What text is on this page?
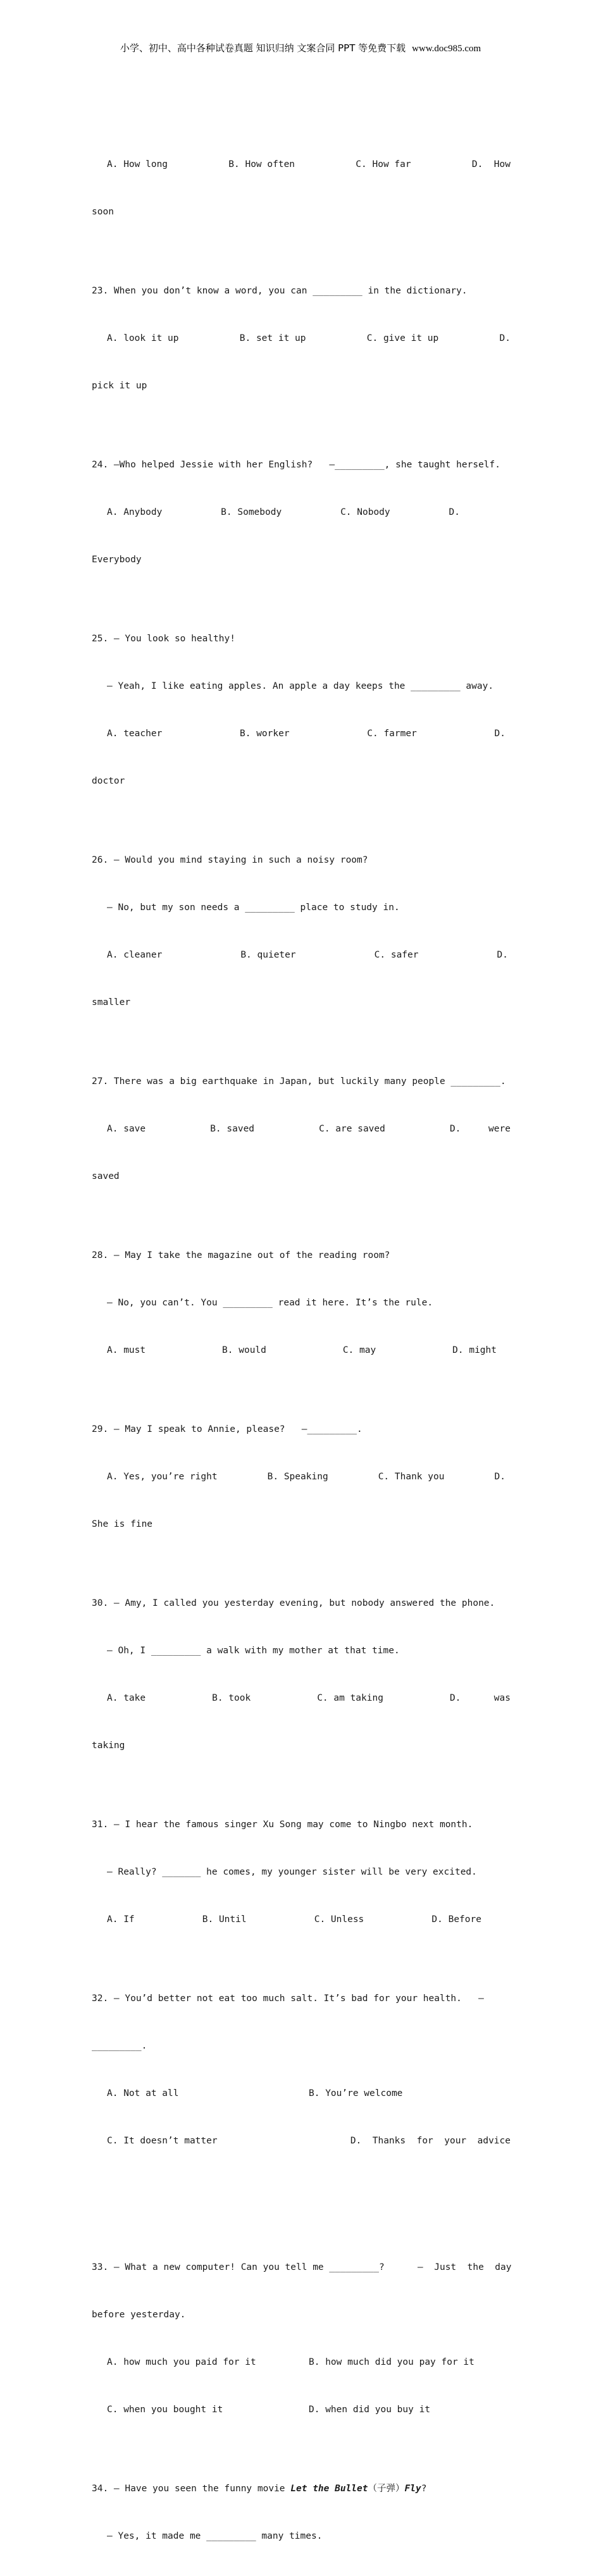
小学、初中、高中各种试卷真题 知识归纳 文案合同 PPT 等免费下载 www.doc985.com

A. How long	B. How often	C. How far	D.  How

soon

23. When you don’t know a word, you can _________ in the dictionary.

A. look it up	B. set it up	C. give it up	D.

pick it up

24. —Who helped Jessie with her English?   —_________, she taught herself.

A. Anybody	B. Somebody	C. Nobody	D.

Everybody

25. — You look so healthy!

— Yeah, I like eating apples. An apple a day keeps the _________ away.

A. teacher	B. worker	C. farmer	D.

doctor

26. — Would you mind staying in such a noisy room?

— No, but my son needs a _________ place to study in.

A. cleaner	B. quieter	C. safer	D.

smaller

27. There was a big earthquake in Japan, but luckily many people _________.

A. save	B. saved	C. are saved	D.     were

saved

28. — May I take the magazine out of the reading room?

— No, you can’t. You _________ read it here. It’s the rule.

A. must	B. would	C. may	D. might

29. — May I speak to Annie, please?   —_________.

A. Yes, you’re right	B. Speaking	C. Thank you	D.

She is fine

30. — Amy, I called you yesterday evening, but nobody answered the phone.

— Oh, I _________ a walk with my mother at that time.

A. take	B. took	C. am taking	D.      was

taking

31. — I hear the famous singer Xu Song may come to Ningbo next month.

— Really? _______ he comes, my younger sister will be very excited.

A. If	B. Until	C. Unless	D. Before

32. — You’d better not eat too much salt. It’s bad for your health.   —

_________.

A. Not at all	B. You’re welcome

C. It doesn’t matter	D.  Thanks  for  your  advice

33. — What a new computer! Can you tell me _________?      —  Just  the  day

before yesterday.

A. how much you paid for it	B. how much did you pay for it

C. when you bought it	D. when did you buy it

34. — Have you seen the funny movie Let the Bullet（子弹）Fly?

— Yes, it made me _________ many times.
